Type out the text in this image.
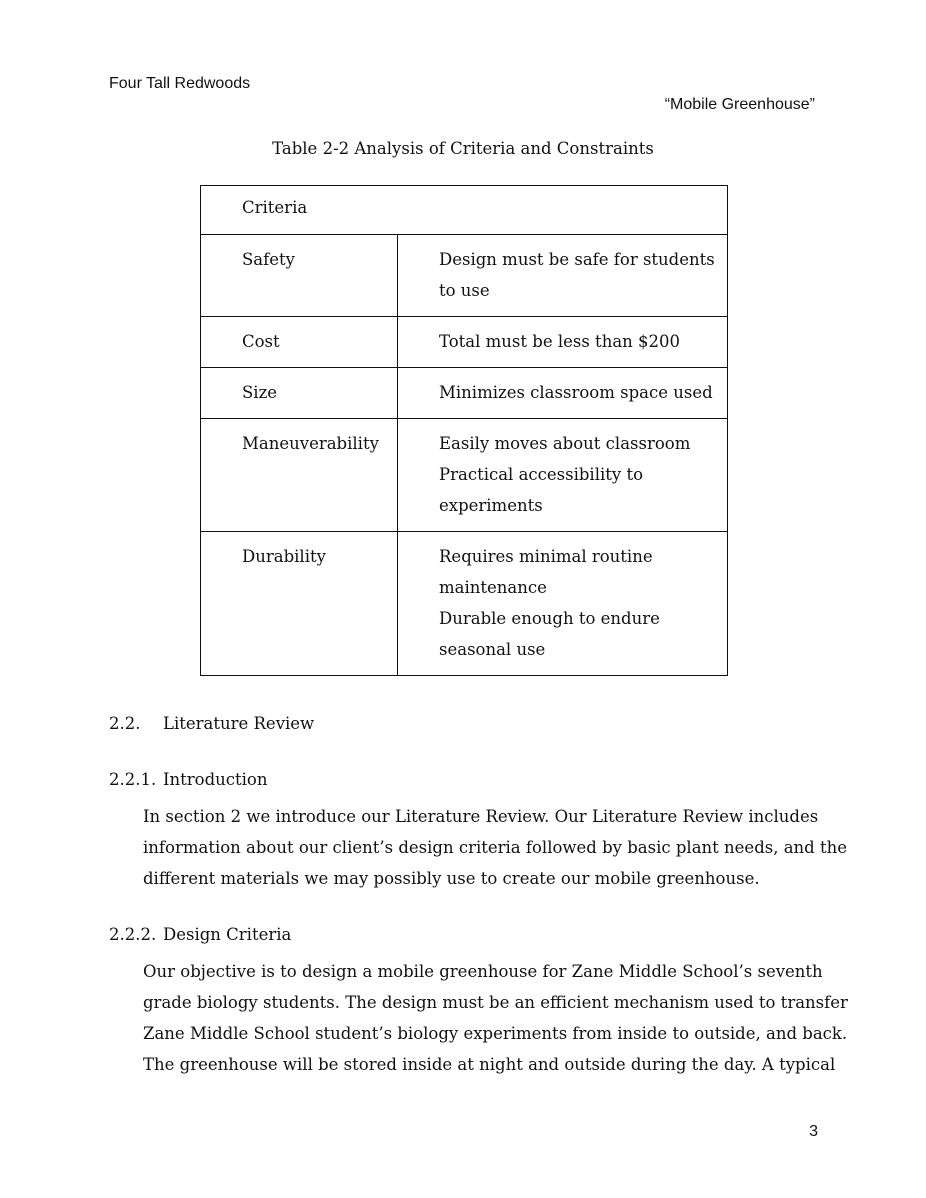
Four Tall Redwoods
“Mobile Greenhouse”
Table 2-2 Analysis of Criteria and Constraints
Criteria	

Safety	Design must be safe for students
to use

Cost	Total must be less than $200

Size	Minimizes classroom space used

Maneuverability	Easily moves about classroom
Practical accessibility to
experiments

Durability	Requires minimal routine
maintenance
Durable enough to endure
seasonal use
2.2. Literature Review
2.2.1. Introduction
In section 2 we introduce our Literature Review. Our Literature Review includes
information about our client’s design criteria followed by basic plant needs, and the
different materials we may possibly use to create our mobile greenhouse.
2.2.2. Design Criteria
Our objective is to design a mobile greenhouse for Zane Middle School’s seventh
grade biology students. The design must be an efficient mechanism used to transfer
Zane Middle School student’s biology experiments from inside to outside, and back.
The greenhouse will be stored inside at night and outside during the day. A typical
3
